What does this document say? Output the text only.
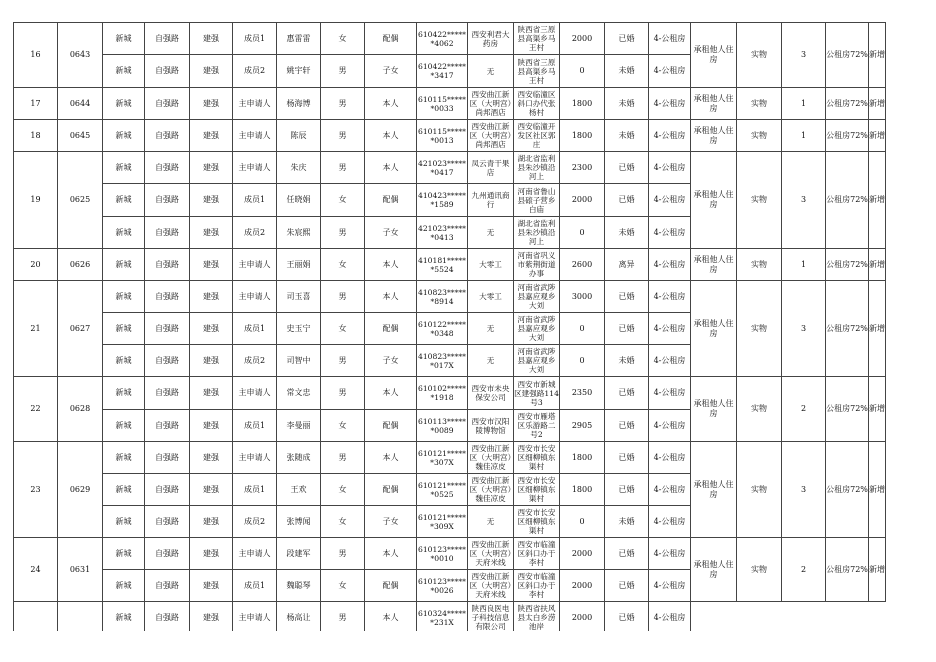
16	0643	新城	自强路	建强	成员1	惠雷雷	女	配偶	610422******4062	西安利君大药房	陕西省三原县高渠乡马王村	2000	已婚	4-公租房	承租他人住房	实物	3	公租房72%	新增
		新城	自强路	建强	成员2	姚宇轩	男	子女	610422******3417	无	陕西省三原县高渠乡马王村	0	未婚	4-公租房					
17	0644	新城	自强路	建强	主申请人	杨海博	男	本人	610115******0033	西安曲江新区（大明宫）尚邦酒店	西安临潼区斜口办代张杨村	1800	未婚	4-公租房	承租他人住房	实物	1	公租房72%	新增
18	0645	新城	自强路	建强	主申请人	陈辰	男	本人	610115******0013	西安曲江新区（大明宫）尚邦酒店	西安临潼开发区社区郭庄	1800	未婚	4-公租房	承租他人住房	实物	1	公租房72%	新增
19	0625	新城	自强路	建强	主申请人	朱庆	男	本人	421023******0417	凤云青干果店	湖北省监利县朱沙镇沿河上	2300	已婚	4-公租房	承租他人住房	实物	3	公租房72%	新增
		新城	自强路	建强	成员1	任晓娟	女	配偶	410423******1589	九州通讯商行	河南省鲁山县磙子营乡白庙	2000	已婚	4-公租房					
		新城	自强路	建强	成员2	朱宸熙	男	子女	421023******0413	无	湖北省监利县朱沙镇沿河上	0	未婚	4-公租房					
20	0626	新城	自强路	建强	主申请人	王丽娟	女	本人	410181******5524	大零工	河南省巩义市紫荆街道办事	2600	离异	4-公租房	承租他人住房	实物	1	公租房72%	新增
21	0627	新城	自强路	建强	主申请人	司玉喜	男	本人	410823******8914	大零工	河南省武陟县嘉应观乡大刘	3000	已婚	4-公租房	承租他人住房	实物	3	公租房72%	新增
		新城	自强路	建强	成员1	史玉宁	女	配偶	610122******0348	无	河南省武陟县嘉应观乡大刘	0	已婚	4-公租房					
		新城	自强路	建强	成员2	司智中	男	子女	410823******017X	无	河南省武陟县嘉应观乡大刘	0	未婚	4-公租房					
22	0628	新城	自强路	建强	主申请人	常文忠	男	本人	610102******1918	西安市未央保安公司	西安市新城区建强路114号3	2350	已婚	4-公租房	承租他人住房	实物	2	公租房72%	新增
		新城	自强路	建强	成员1	李曼丽	女	配偶	610113******0089	西安市汉阳陵博物馆	西安市雁塔区乐游路二号2	2905	已婚	4-公租房					
23	0629	新城	自强路	建强	主申请人	张随成	男	本人	610121******307X	西安曲江新区（大明宫）魏佳凉皮	西安市长安区细柳镇东渠村	1800	已婚	4-公租房	承租他人住房	实物	3	公租房72%	新增
		新城	自强路	建强	成员1	王欢	女	配偶	610121******0525	西安曲江新区（大明宫）魏佳凉皮	西安市长安区细柳镇东渠村	1800	已婚	4-公租房					
		新城	自强路	建强	成员2	张博闻	女	子女	610121******309X	无	西安市长安区细柳镇东渠村	0	未婚	4-公租房					
24	0631	新城	自强路	建强	主申请人	段建军	男	本人	610123******0010	西安曲江新区（大明宫）天府米线	西安市临潼区斜口办于李村	2000	已婚	4-公租房	承租他人住房	实物	2	公租房72%	新增
		新城	自强路	建强	成员1	魏聪琴	女	配偶	610123******0026	西安曲江新区（大明宫）天府米线	西安市临潼区斜口办于李村	2000	已婚	4-公租房					
		新城	自强路	建强	主申请人	杨高让	男	本人	610324******231X	陕西良医电子科技信息有限公司	陕西省扶风县太白乡涝池岸	2000	已婚	4-公租房					
